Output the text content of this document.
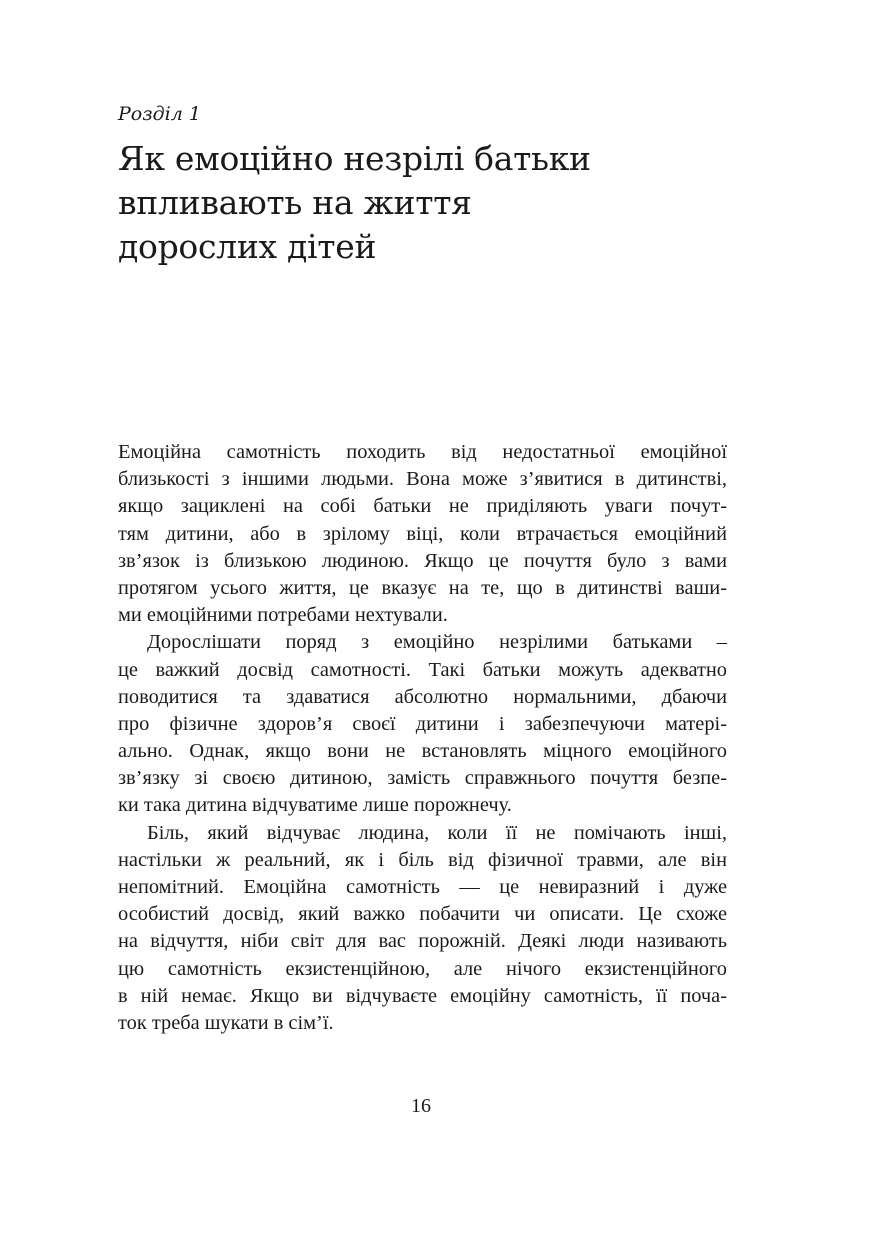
Розділ 1

Як емоційно незрілі батьки
впливають на життя
дорослих дітей

Емоційна самотність походить від недостатньої емоційної
близькості з іншими людьми. Вона може з’явитися в дитинстві,
якщо зациклені на собі батьки не приділяють уваги почут-
тям дитини, або в зрілому віці, коли втрачається емоційний
зв’язок із близькою людиною. Якщо це почуття було з вами
протягом усього життя, це вказує на те, що в дитинстві ваши-
ми емоційними потребами нехтували.

Дорослішати поряд з емоційно незрілими батьками –
це важкий досвід самотності. Такі батьки можуть адекватно
поводитися та здаватися абсолютно нормальними, дбаючи
про фізичне здоров’я своєї дитини і забезпечуючи матері-
ально. Однак, якщо вони не встановлять міцного емоційного
зв’язку зі своєю дитиною, замість справжнього почуття безпе-
ки така дитина відчуватиме лише порожнечу.

Біль, який відчуває людина, коли її не помічають інші,
настільки ж реальний, як і біль від фізичної травми, але він
непомітний. Емоційна самотність — це невиразний і дуже
особистий досвід, який важко побачити чи описати. Це схоже
на відчуття, ніби світ для вас порожній. Деякі люди називають
цю самотність екзистенційною, але нічого екзистенційного
в ній немає. Якщо ви відчуваєте емоційну самотність, її поча-
ток треба шукати в сім’ї.

16
